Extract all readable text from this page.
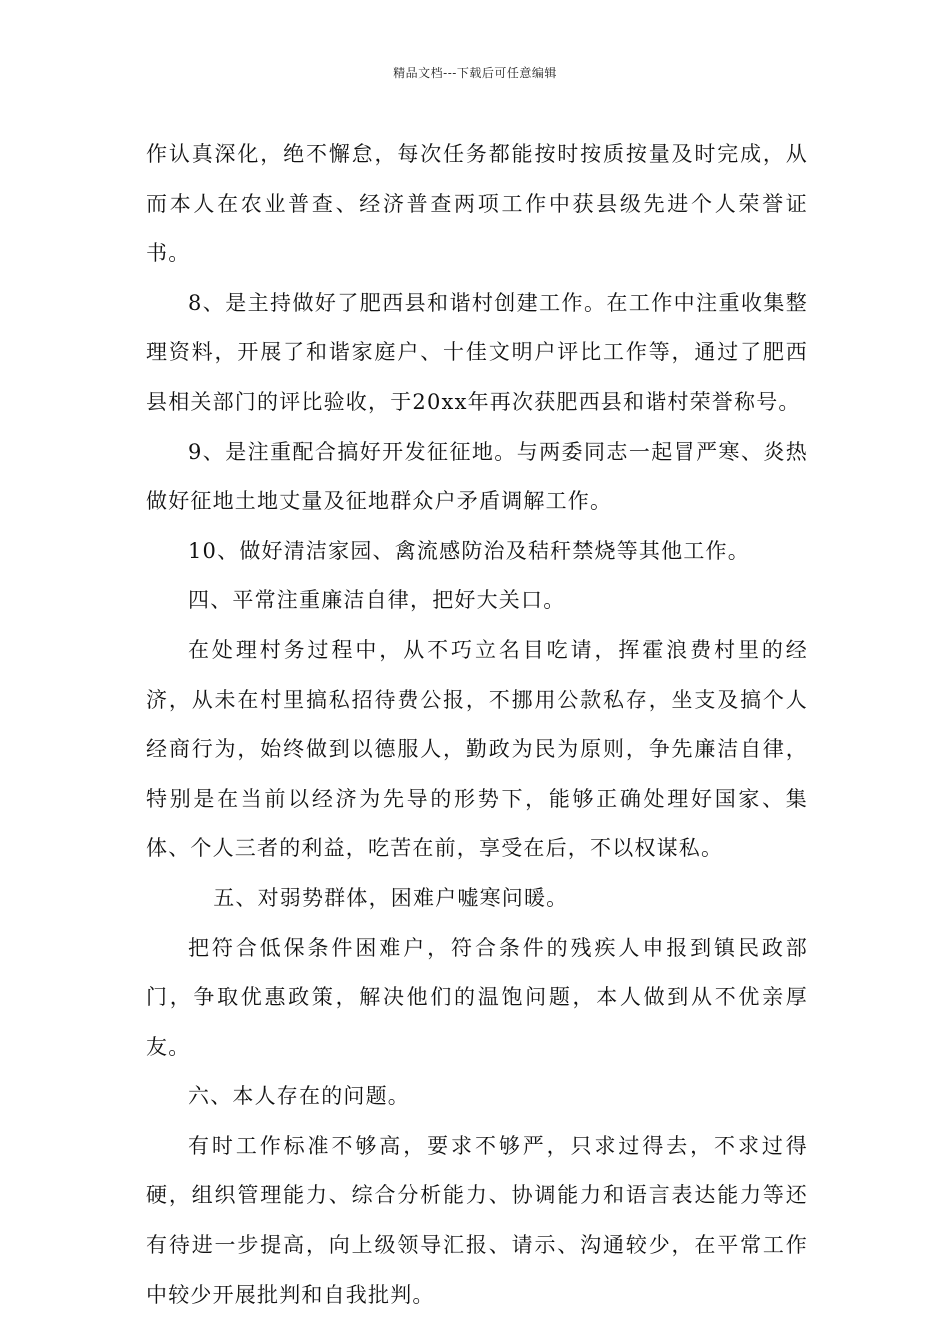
精品文档---下载后可任意编辑

作认真深化，绝不懈怠，每次任务都能按时按质按量及时完成，从而本人在农业普查、经济普查两项工作中获县级先进个人荣誉证书。

8、是主持做好了肥西县和谐村创建工作。在工作中注重收集整理资料，开展了和谐家庭户、十佳文明户评比工作等，通过了肥西县相关部门的评比验收，于20xx年再次获肥西县和谐村荣誉称号。

9、是注重配合搞好开发征征地。与两委同志一起冒严寒、炎热做好征地土地丈量及征地群众户矛盾调解工作。

10、做好清洁家园、禽流感防治及秸秆禁烧等其他工作。

四、平常注重廉洁自律，把好大关口。

在处理村务过程中，从不巧立名目吃请，挥霍浪费村里的经济，从未在村里搞私招待费公报，不挪用公款私存，坐支及搞个人经商行为，始终做到以德服人，勤政为民为原则，争先廉洁自律，特别是在当前以经济为先导的形势下，能够正确处理好国家、集体、个人三者的利益，吃苦在前，享受在后，不以权谋私。

五、对弱势群体，困难户嘘寒问暖。

把符合低保条件困难户，符合条件的残疾人申报到镇民政部门，争取优惠政策，解决他们的温饱问题，本人做到从不优亲厚友。

六、本人存在的问题。

有时工作标准不够高，要求不够严，只求过得去，不求过得硬，组织管理能力、综合分析能力、协调能力和语言表达能力等还有待进一步提高，向上级领导汇报、请示、沟通较少，在平常工作中较少开展批判和自我批判。
